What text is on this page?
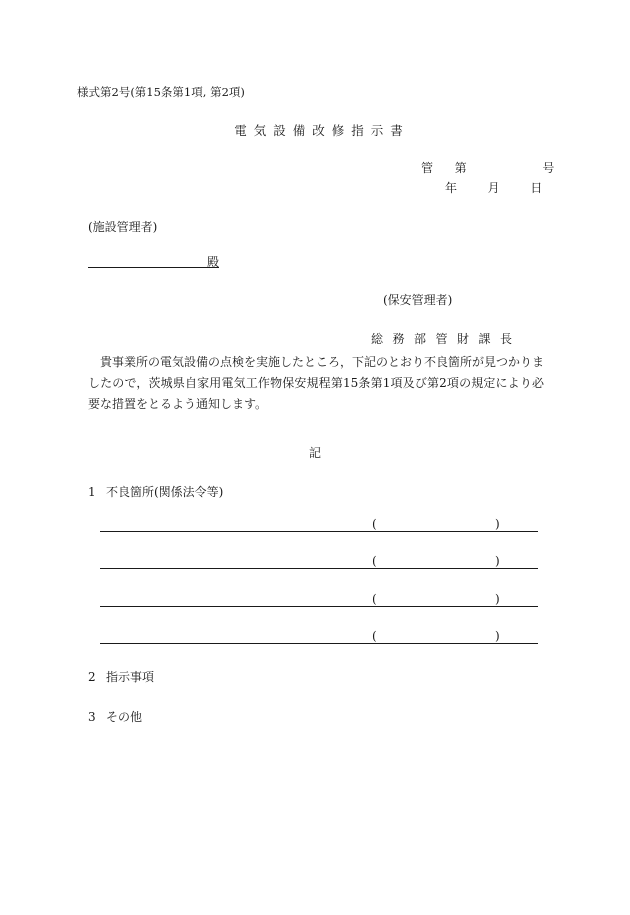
様式第2号(第15条第1項, 第2項)
電気設備改修指示書
管 第	号
年	月	日
(施設管理者)
殿
(保安管理者)
総務部管財課長
貴事業所の電気設備の点検を実施したところ，下記のとおり不良箇所が見つかりましたので，茨城県自家用電気工作物保安規程第15条第1項及び第2項の規定により必要な措置をとるよう通知します。
記
1 不良箇所(関係法令等)
(	)
(	)
(	)
(	)
2 指示事項
3 その他
